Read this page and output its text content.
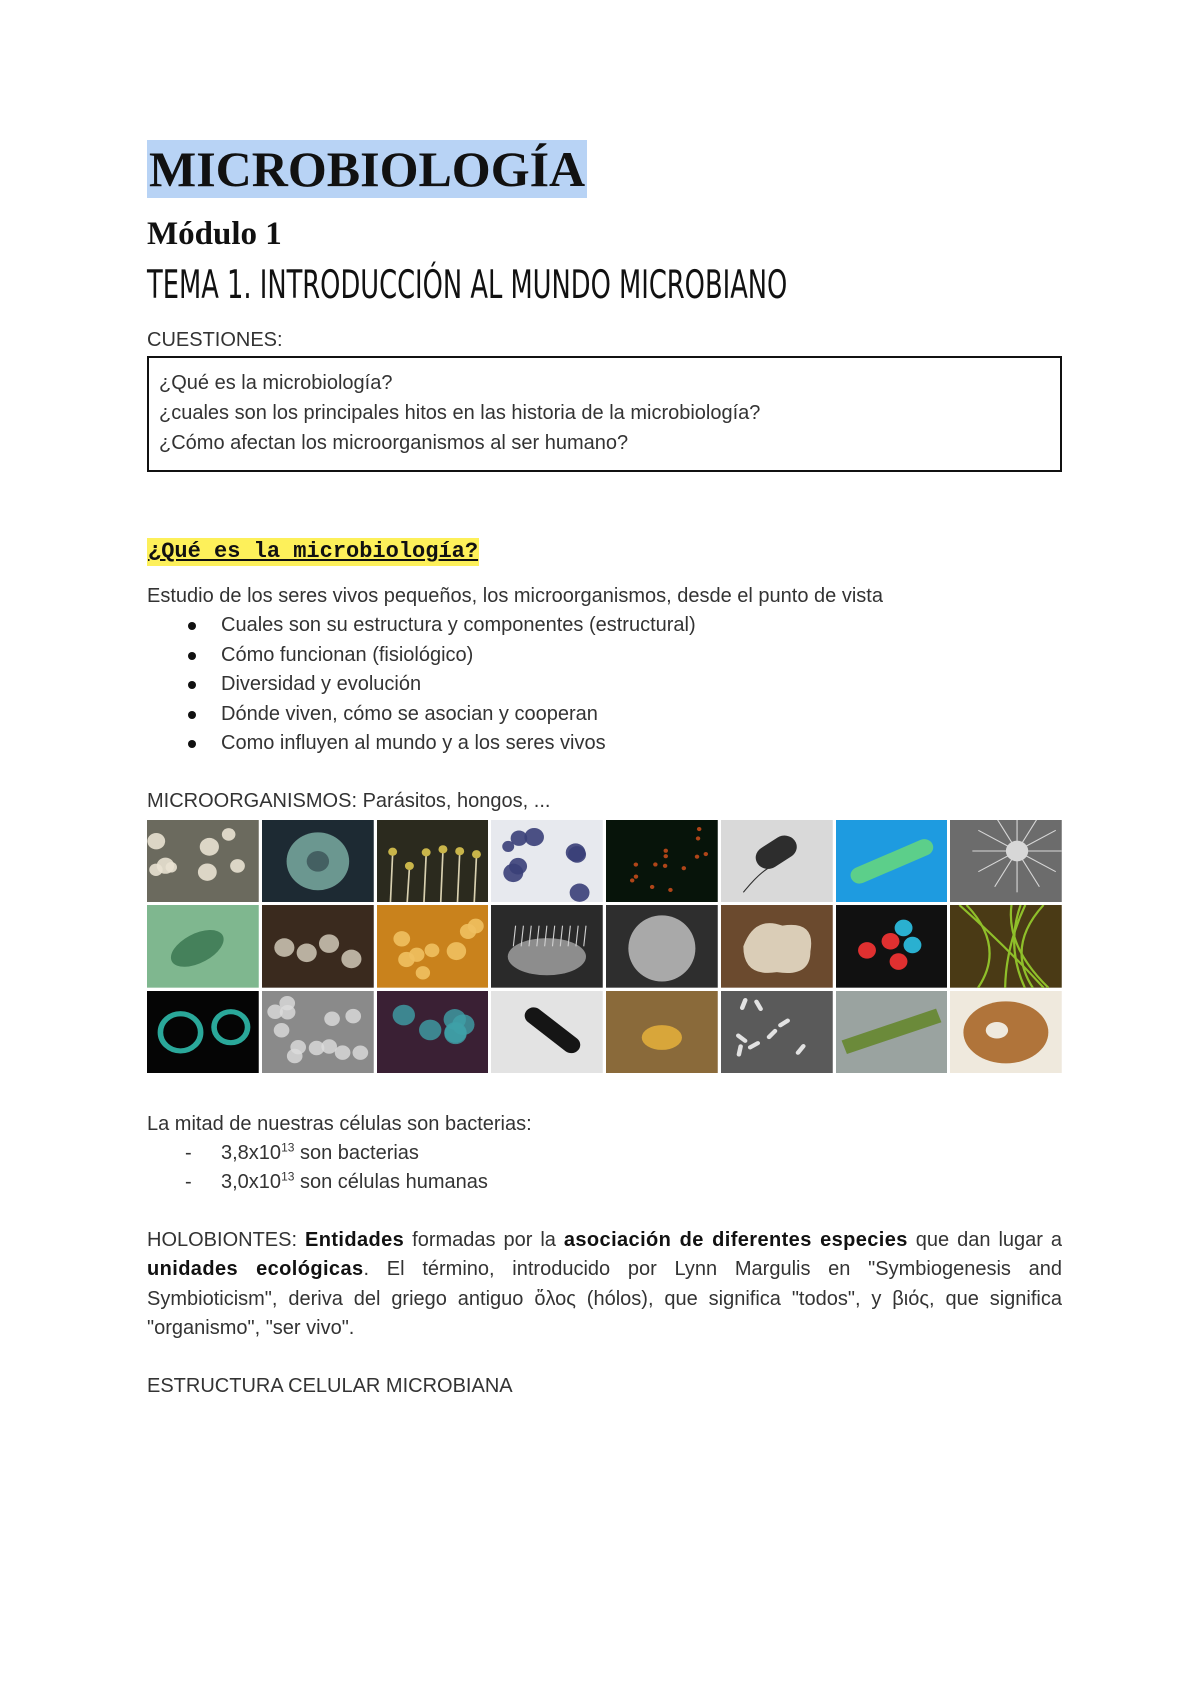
MICROBIOLOGÍA
Módulo 1
TEMA 1. INTRODUCCIÓN AL MUNDO MICROBIANO
CUESTIONES:
¿Qué es la microbiología?
¿cuales son los principales hitos en las historia de la microbiología?
¿Cómo afectan los microorganismos al ser humano?
¿Qué es la microbiología?
Estudio de los seres vivos pequeños, los microorganismos, desde el punto de vista
Cuales son su estructura y componentes (estructural)
Cómo funcionan (fisiológico)
Diversidad y evolución
Dónde viven, cómo se asocian y cooperan
Como influyen al mundo y a los seres vivos
MICROORGANISMOS: Parásitos, hongos, ...
La mitad de nuestras células son bacterias:
- $3,8x10^{13}$ son bacterias
- $3,0x10^{13}$ son células humanas
HOLOBIONTES: Entidades formadas por la asociación de diferentes especies que dan lugar a unidades ecológicas. El término, introducido por Lynn Margulis en "Symbiogenesis and Symbioticism", deriva del griego antiguo ὅλος (hólos), que significa "todos", y βιός, que significa "organismo", "ser vivo".
ESTRUCTURA CELULAR MICROBIANA
